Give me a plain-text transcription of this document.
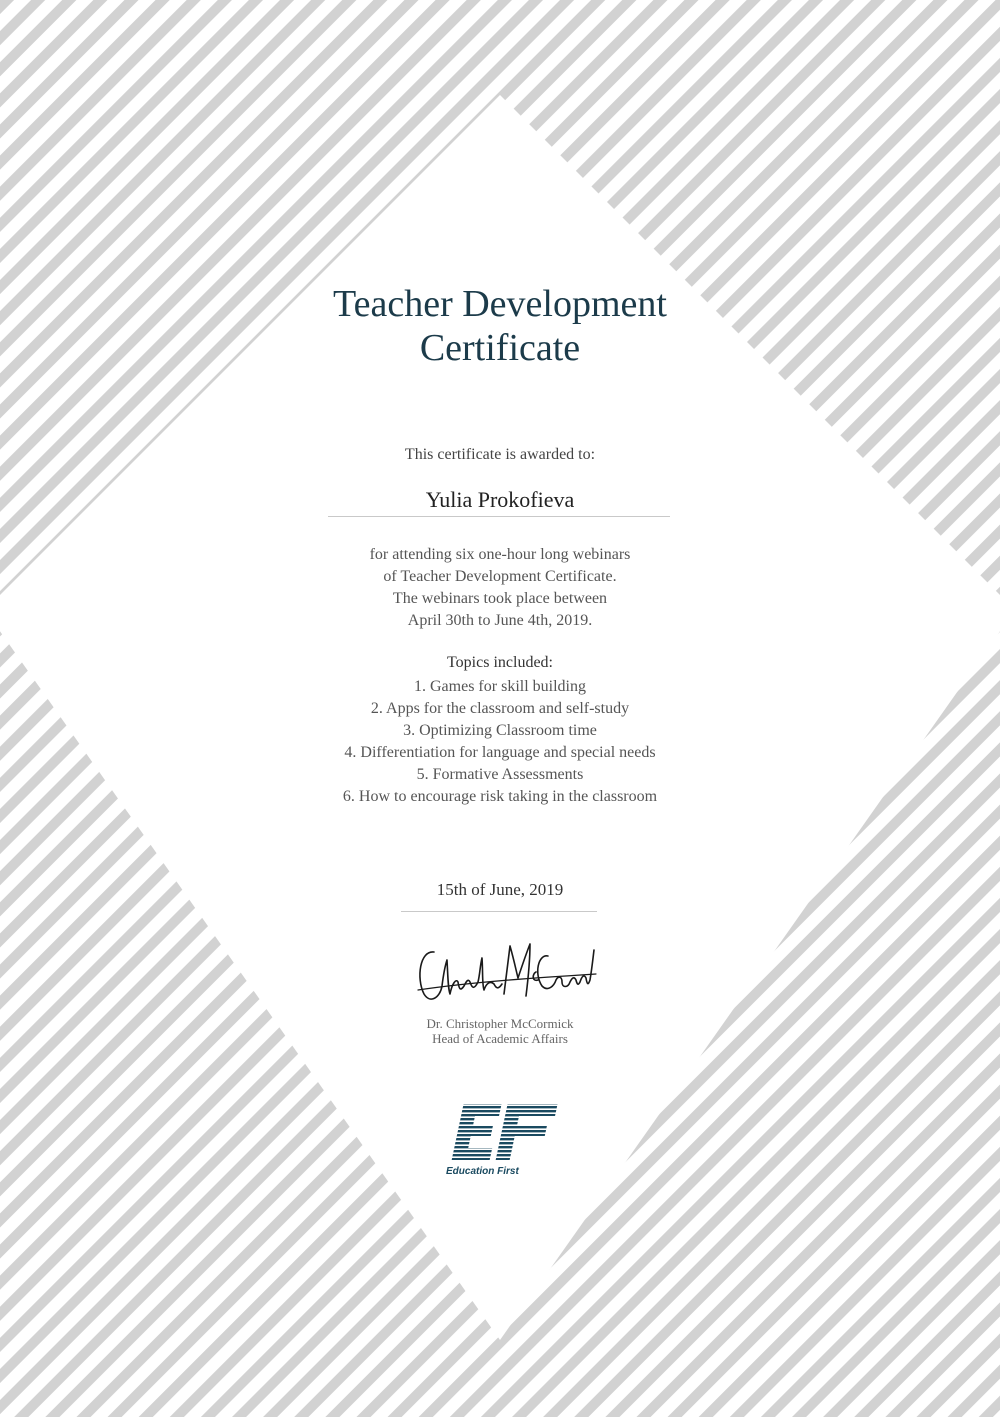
Teacher Development
Certificate
This certificate is awarded to:
Yulia Prokofieva
for attending six one-hour long webinars
of Teacher Development Certificate.
The webinars took place between
April 30th to June 4th, 2019.
Topics included:
1. Games for skill building
2. Apps for the classroom and self-study
3. Optimizing Classroom time
4. Differentiation for language and special needs
5. Formative Assessments
6. How to encourage risk taking in the classroom
15th of June, 2019
Dr. Christopher McCormick
Head of Academic Affairs
Education First
